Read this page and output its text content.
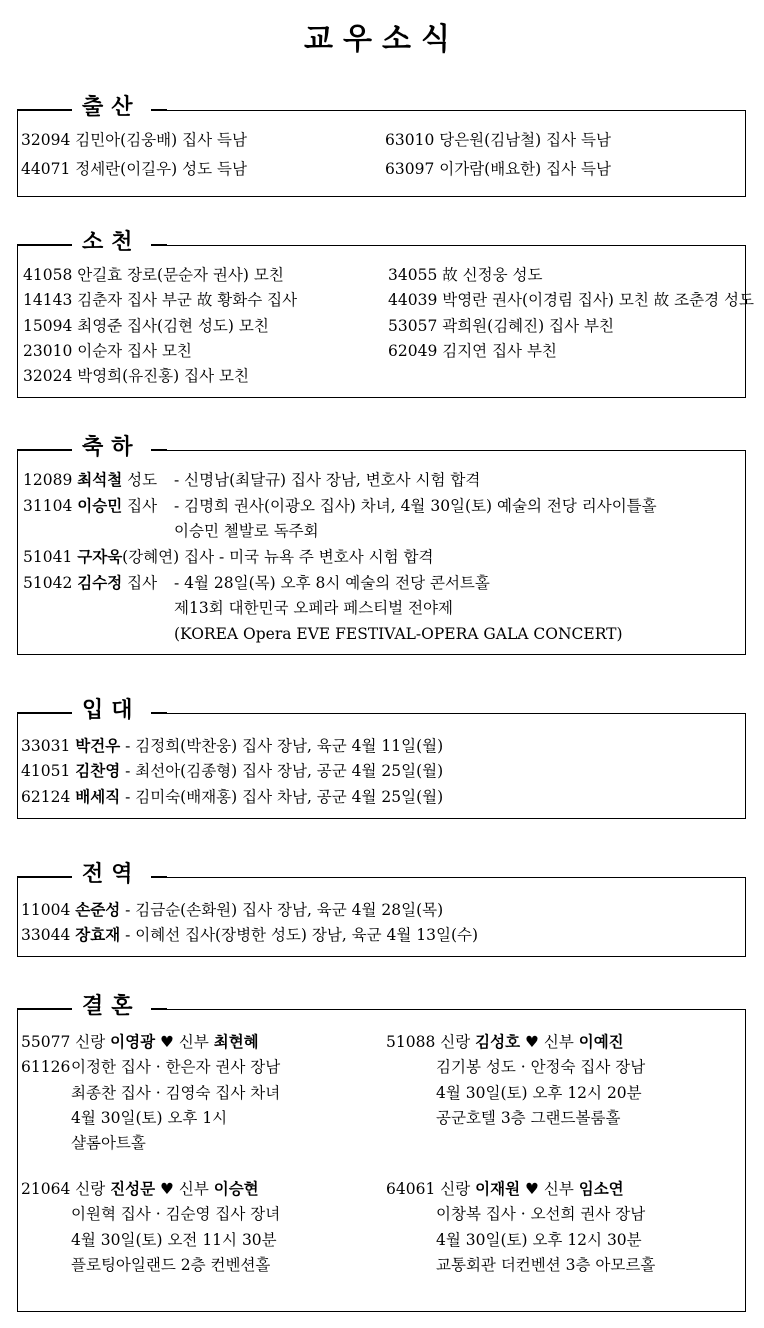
교우소식
출산
32094 김민아(김웅배) 집사 득남
44071 정세란(이길우) 성도 득남
63010 당은원(김남철) 집사 득남
63097 이가람(배요한) 집사 득남
소천
41058 안길효 장로(문순자 권사) 모친
14143 김춘자 집사 부군 故 황화수 집사
15094 최영준 집사(김현 성도) 모친
23010 이순자 집사 모친
32024 박영희(유진홍) 집사 모친
34055 故 신정웅 성도
44039 박영란 권사(이경림 집사) 모친 故 조춘경 성도
53057 곽희원(김혜진) 집사 부친
62049 김지연 집사 부친
축하
12089 최석철 성도 - 신명남(최달규) 집사 장남, 변호사 시험 합격
31104 이승민 집사 - 김명희 권사(이광오 집사) 차녀, 4월 30일(토) 예술의 전당 리사이틀홀
이승민 첼발로 독주회
51041 구자욱(강혜연) 집사 - 미국 뉴욕 주 변호사 시험 합격
51042 김수정 집사 - 4월 28일(목) 오후 8시 예술의 전당 콘서트홀
제13회 대한민국 오페라 페스티벌 전야제
(KOREA Opera EVE FESTIVAL-OPERA GALA CONCERT)
입대
33031 박건우 - 김정희(박찬웅) 집사 장남, 육군 4월 11일(월)
41051 김찬영 - 최선아(김종형) 집사 장남, 공군 4월 25일(월)
62124 배세직 - 김미숙(배재홍) 집사 차남, 공군 4월 25일(월)
전역
11004 손준성 - 김금순(손화원) 집사 장남, 육군 4월 28일(목)
33044 장효재 - 이혜선 집사(장병한 성도) 장남, 육군 4월 13일(수)
결혼
55077 신랑 이영광 ♥ 신부 최현혜
61126 이정한 집사 · 한은자 권사 장남
최종찬 집사 · 김영숙 집사 차녀
4월 30일(토) 오후 1시
샬롬아트홀
51088 신랑 김성호 ♥ 신부 이예진
김기봉 성도 · 안정숙 집사 장남
4월 30일(토) 오후 12시 20분
공군호텔 3층 그랜드볼룸홀
21064 신랑 진성문 ♥ 신부 이승현
이원혁 집사 · 김순영 집사 장녀
4월 30일(토) 오전 11시 30분
플로팅아일랜드 2층 컨벤션홀
64061 신랑 이재원 ♥ 신부 임소연
이창복 집사 · 오선희 권사 장남
4월 30일(토) 오후 12시 30분
교통회관 더컨벤션 3층 아모르홀
